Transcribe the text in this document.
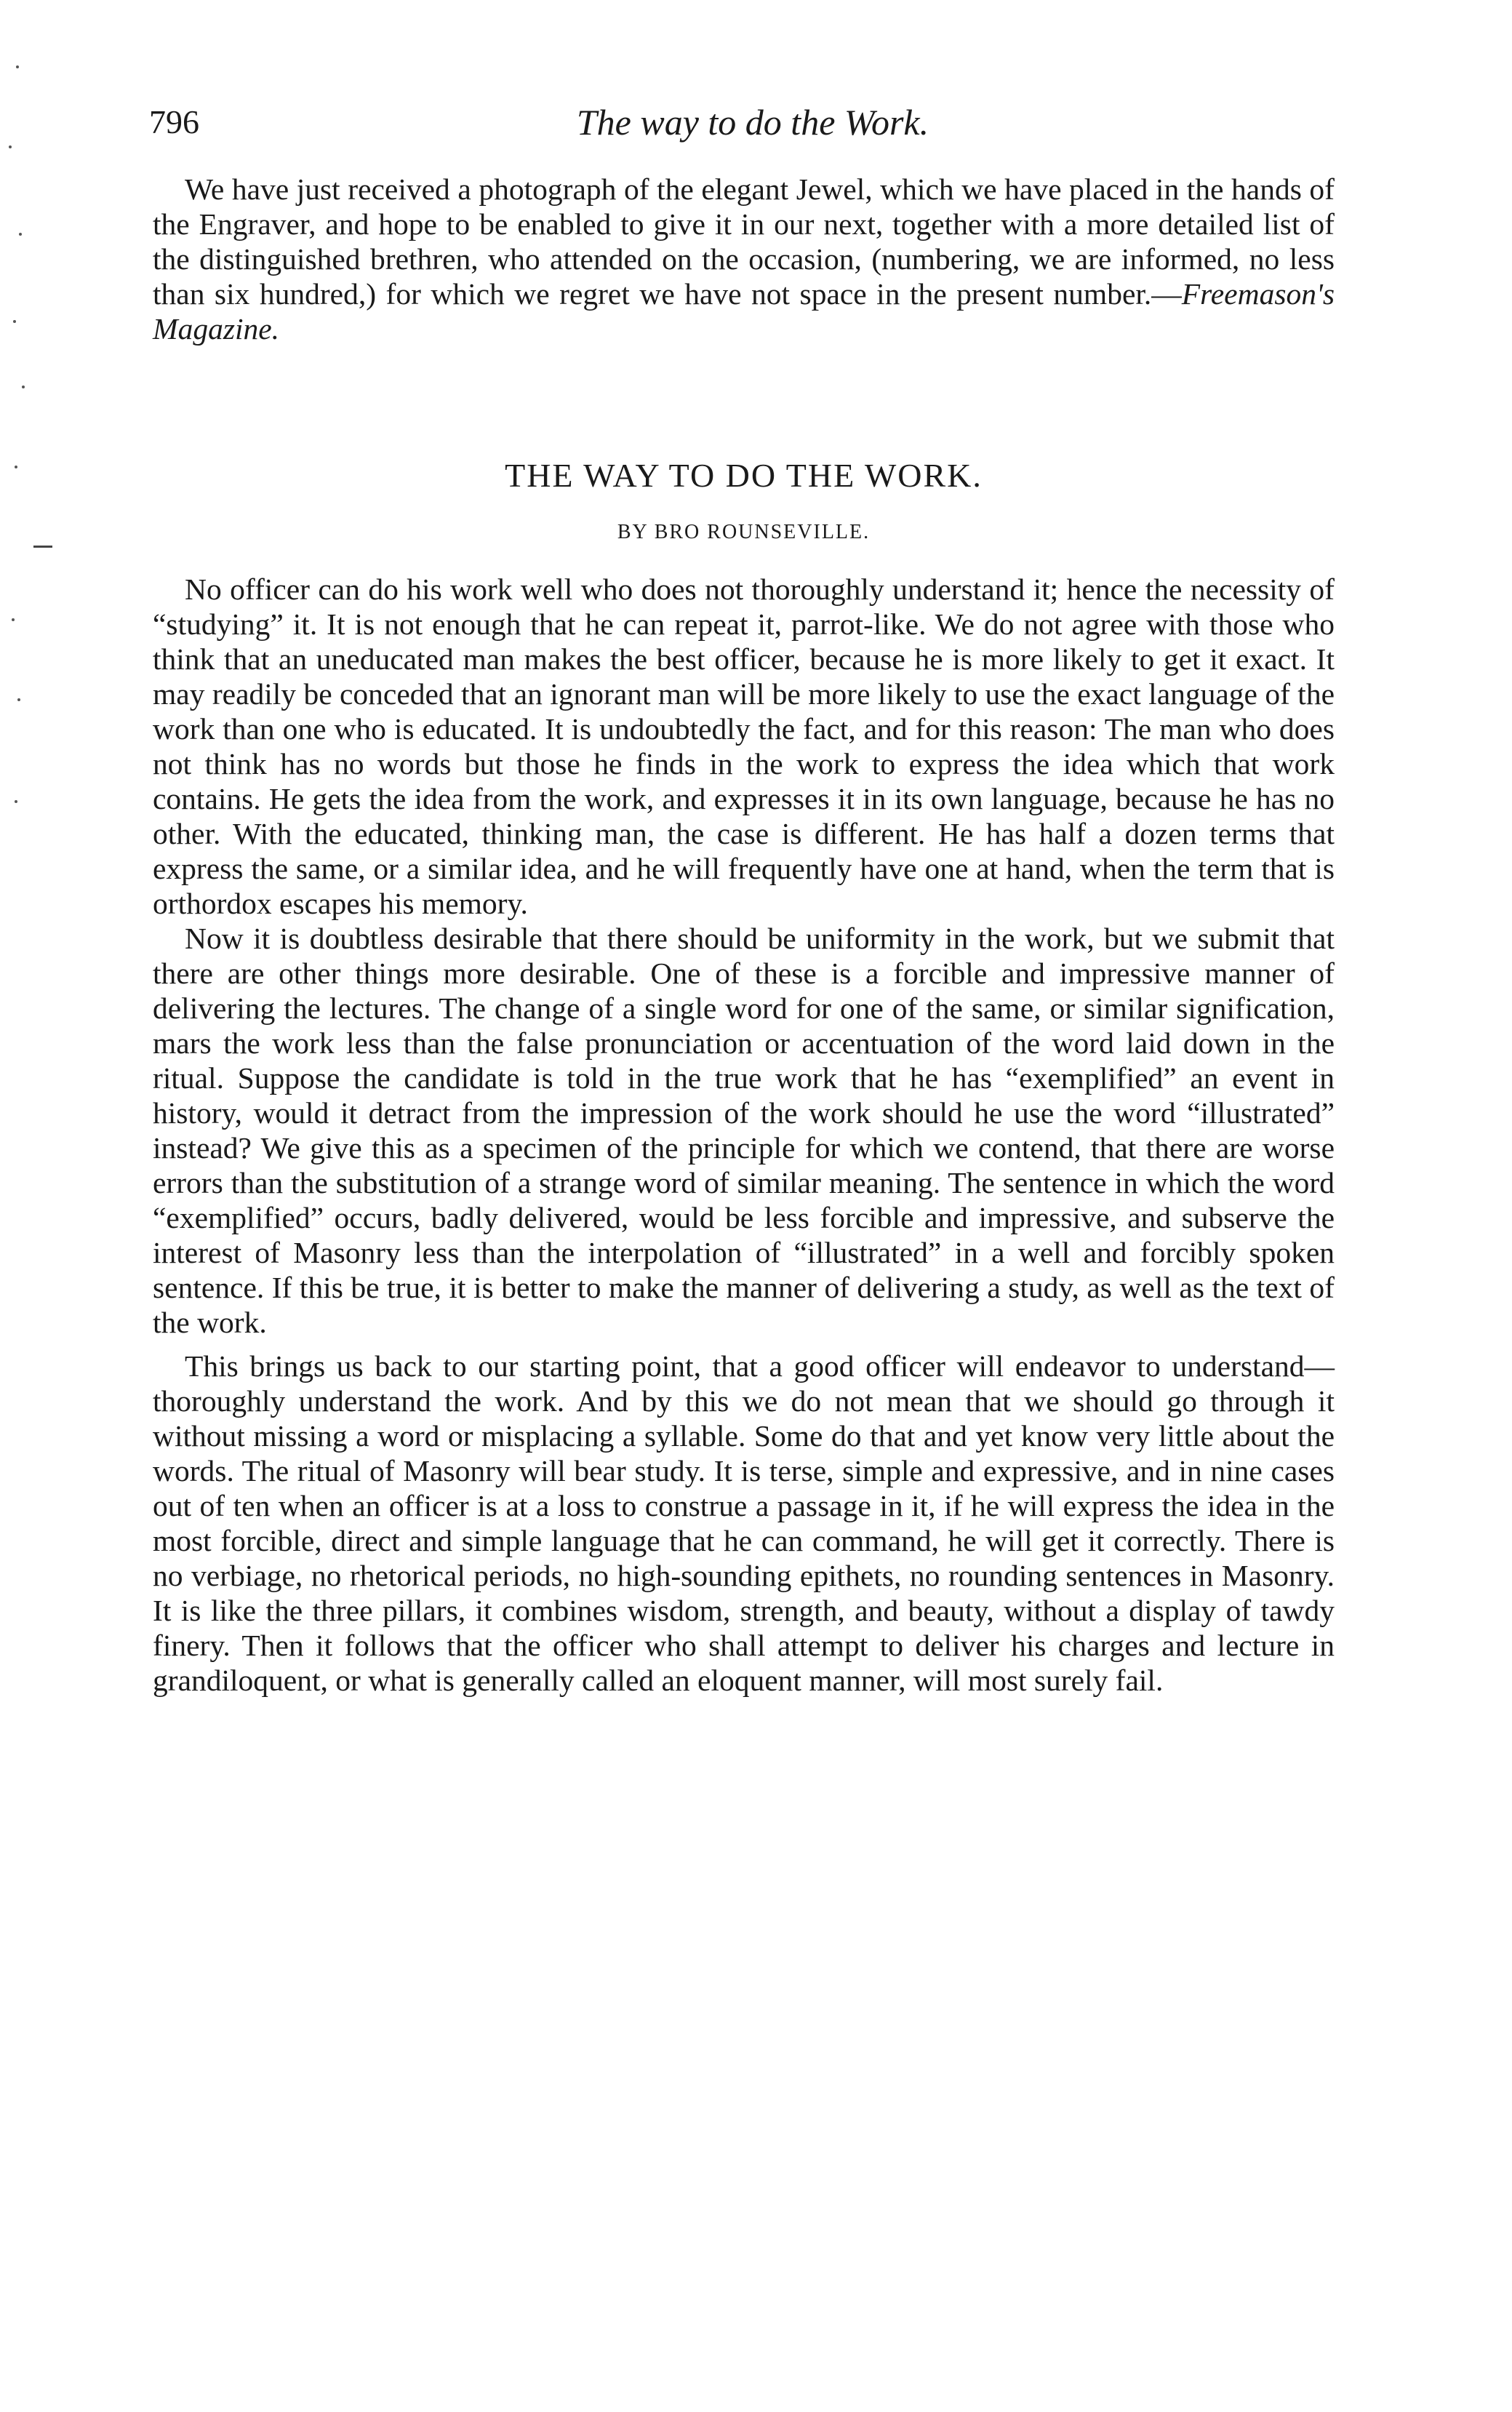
796	The way to do the Work.

We have just received a photograph of the elegant Jewel, which we have placed in the hands of the Engraver, and hope to be enabled to give it in our next, together with a more detailed list of the distinguished brethren, who attended on the occasion, (numbering, we are informed, no less than six hundred,) for which we regret we have not space in the present number.—Freemason's Magazine.

THE WAY TO DO THE WORK.
BY BRO ROUNSEVILLE.

No officer can do his work well who does not thoroughly understand it; hence the necessity of “studying” it. It is not enough that he can repeat it, parrot-like. We do not agree with those who think that an uneducated man makes the best officer, because he is more likely to get it exact. It may readily be conceded that an ignorant man will be more likely to use the exact language of the work than one who is educated. It is undoubtedly the fact, and for this reason: The man who does not think has no words but those he finds in the work to express the idea which that work contains. He gets the idea from the work, and expresses it in its own language, because he has no other. With the educated, thinking man, the case is different. He has half a dozen terms that express the same, or a similar idea, and he will frequently have one at hand, when the term that is orthordox escapes his memory.

Now it is doubtless desirable that there should be uniformity in the work, but we submit that there are other things more desirable. One of these is a forcible and impressive manner of delivering the lectures. The change of a single word for one of the same, or similar signification, mars the work less than the false pronunciation or accentuation of the word laid down in the ritual. Suppose the candidate is told in the true work that he has “exemplified” an event in history, would it detract from the impression of the work should he use the word “illustrated” instead? We give this as a specimen of the principle for which we contend, that there are worse errors than the substitution of a strange word of similar meaning. The sentence in which the word “exemplified” occurs, badly delivered, would be less forcible and impressive, and subserve the interest of Masonry less than the interpolation of “illustrated” in a well and forcibly spoken sentence. If this be true, it is better to make the manner of delivering a study, as well as the text of the work.

This brings us back to our starting point, that a good officer will endeavor to understand—thoroughly understand the work. And by this we do not mean that we should go through it without missing a word or misplacing a syllable. Some do that and yet know very little about the words. The ritual of Masonry will bear study. It is terse, simple and expressive, and in nine cases out of ten when an officer is at a loss to construe a passage in it, if he will express the idea in the most forcible, direct and simple language that he can command, he will get it correctly. There is no verbiage, no rhetorical periods, no high-sounding epithets, no rounding sentences in Masonry. It is like the three pillars, it combines wisdom, strength, and beauty, without a display of tawdy finery. Then it follows that the officer who shall attempt to deliver his charges and lecture in grandiloquent, or what is generally called an eloquent manner, will most surely fail.
